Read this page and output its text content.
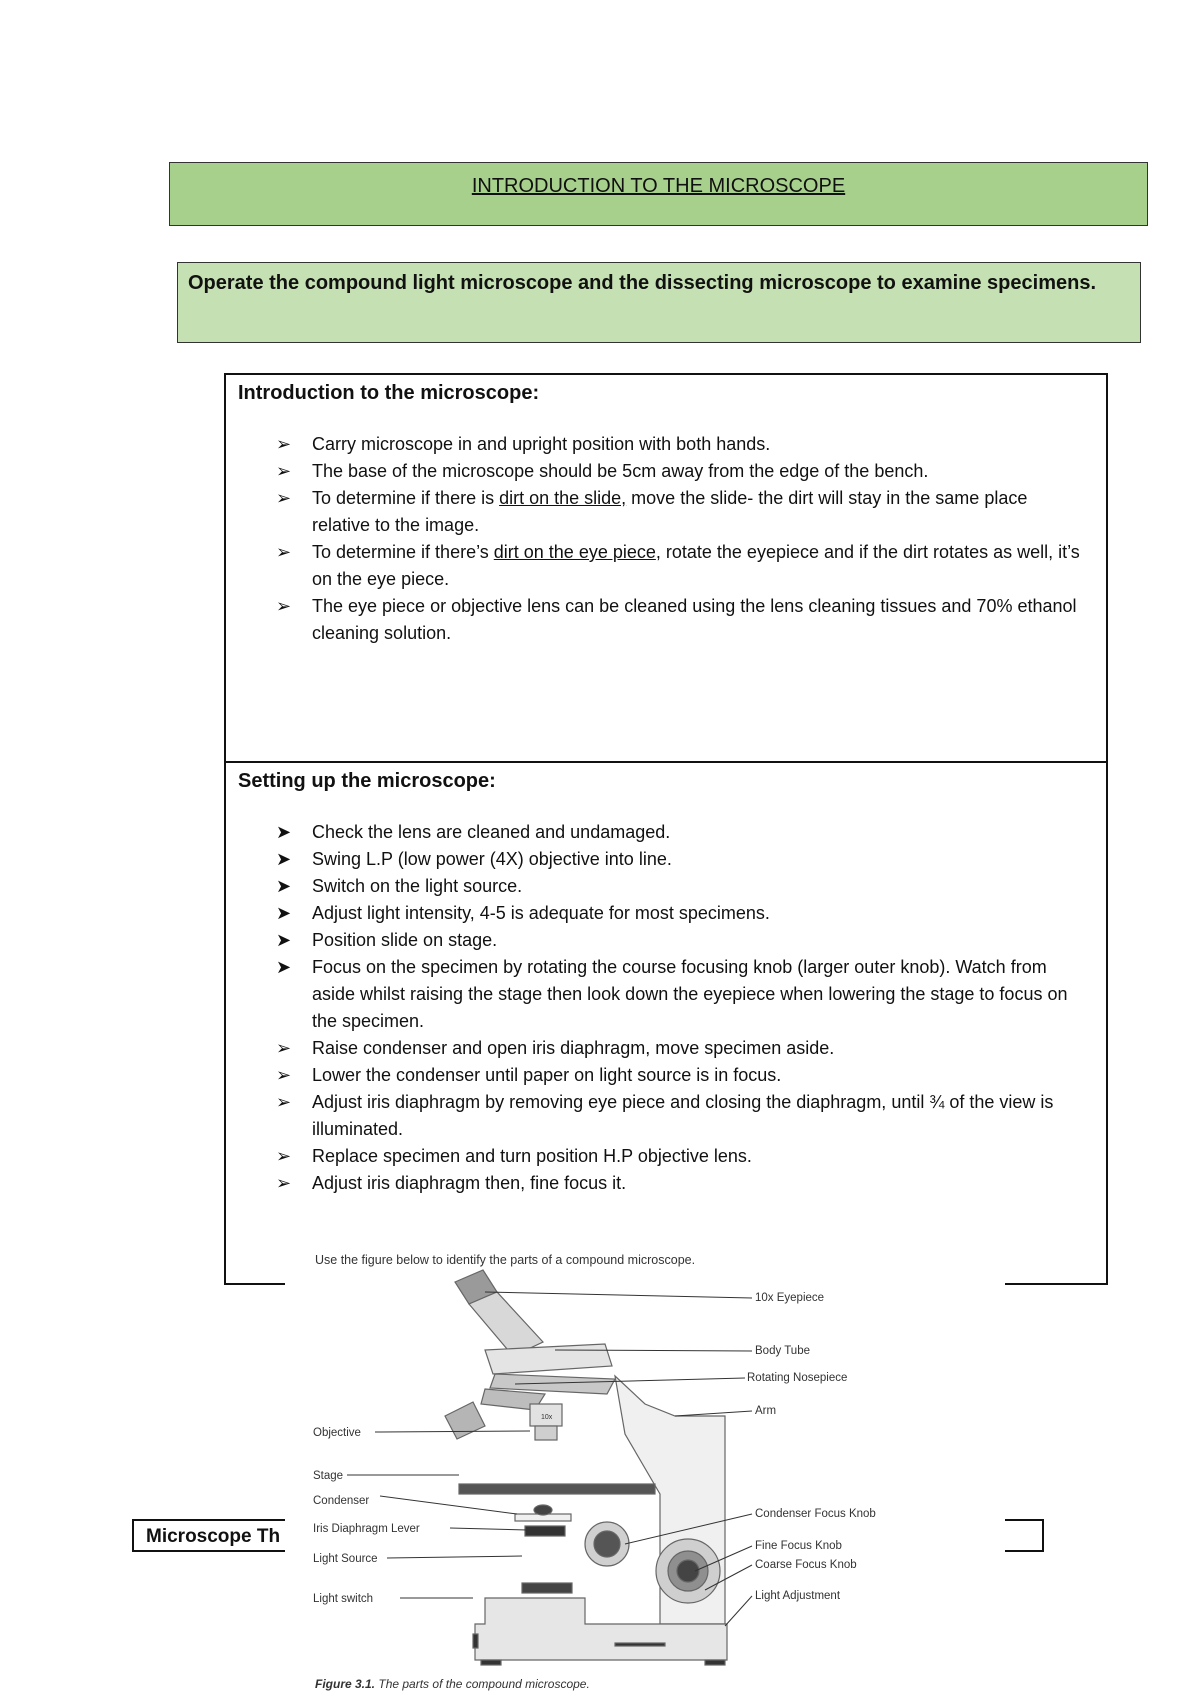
INTRODUCTION TO THE MICROSCOPE
Operate the compound light microscope and the dissecting microscope to examine specimens.
Introduction to the microscope:
➢ Carry microscope in and upright position with both hands.
➢ The base of the microscope should be 5cm away from the edge of the bench.
➢ To determine if there is dirt on the slide, move the slide- the dirt will stay in the same place relative to the image.
➢ To determine if there’s dirt on the eye piece, rotate the eyepiece and if the dirt rotates as well, it’s on the eye piece.
➢ The eye piece or objective lens can be cleaned using the lens cleaning tissues and 70% ethanol cleaning solution.
Setting up the microscope:
➤ Check the lens are cleaned and undamaged.
➤ Swing L.P (low power (4X) objective into line.
➤ Switch on the light source.
➤ Adjust light intensity, 4-5 is adequate for most specimens.
➤ Position slide on stage.
➤ Focus on the specimen by rotating the course focusing knob (larger outer knob). Watch from aside whilst raising the stage then look down the eyepiece when lowering the stage to focus on the specimen.
➢ Raise condenser and open iris diaphragm, move specimen aside.
➢ Lower the condenser until paper on light source is in focus.
➢ Adjust iris diaphragm by removing eye piece and closing the diaphragm, until ¾ of the view is illuminated.
➢ Replace specimen and turn position H.P objective lens.
➢ Adjust iris diaphragm then, fine focus it.
Microscope Th
Use the figure below to identify the parts of a compound microscope.
10x
10x Eyepiece
Body Tube
Rotating Nosepiece
Arm
Condenser Focus Knob
Fine Focus Knob
Coarse Focus Knob
Light Adjustment
Objective
Stage
Condenser
Iris Diaphragm Lever
Light Source
Light switch
Figure 3.1. The parts of the compound microscope.
